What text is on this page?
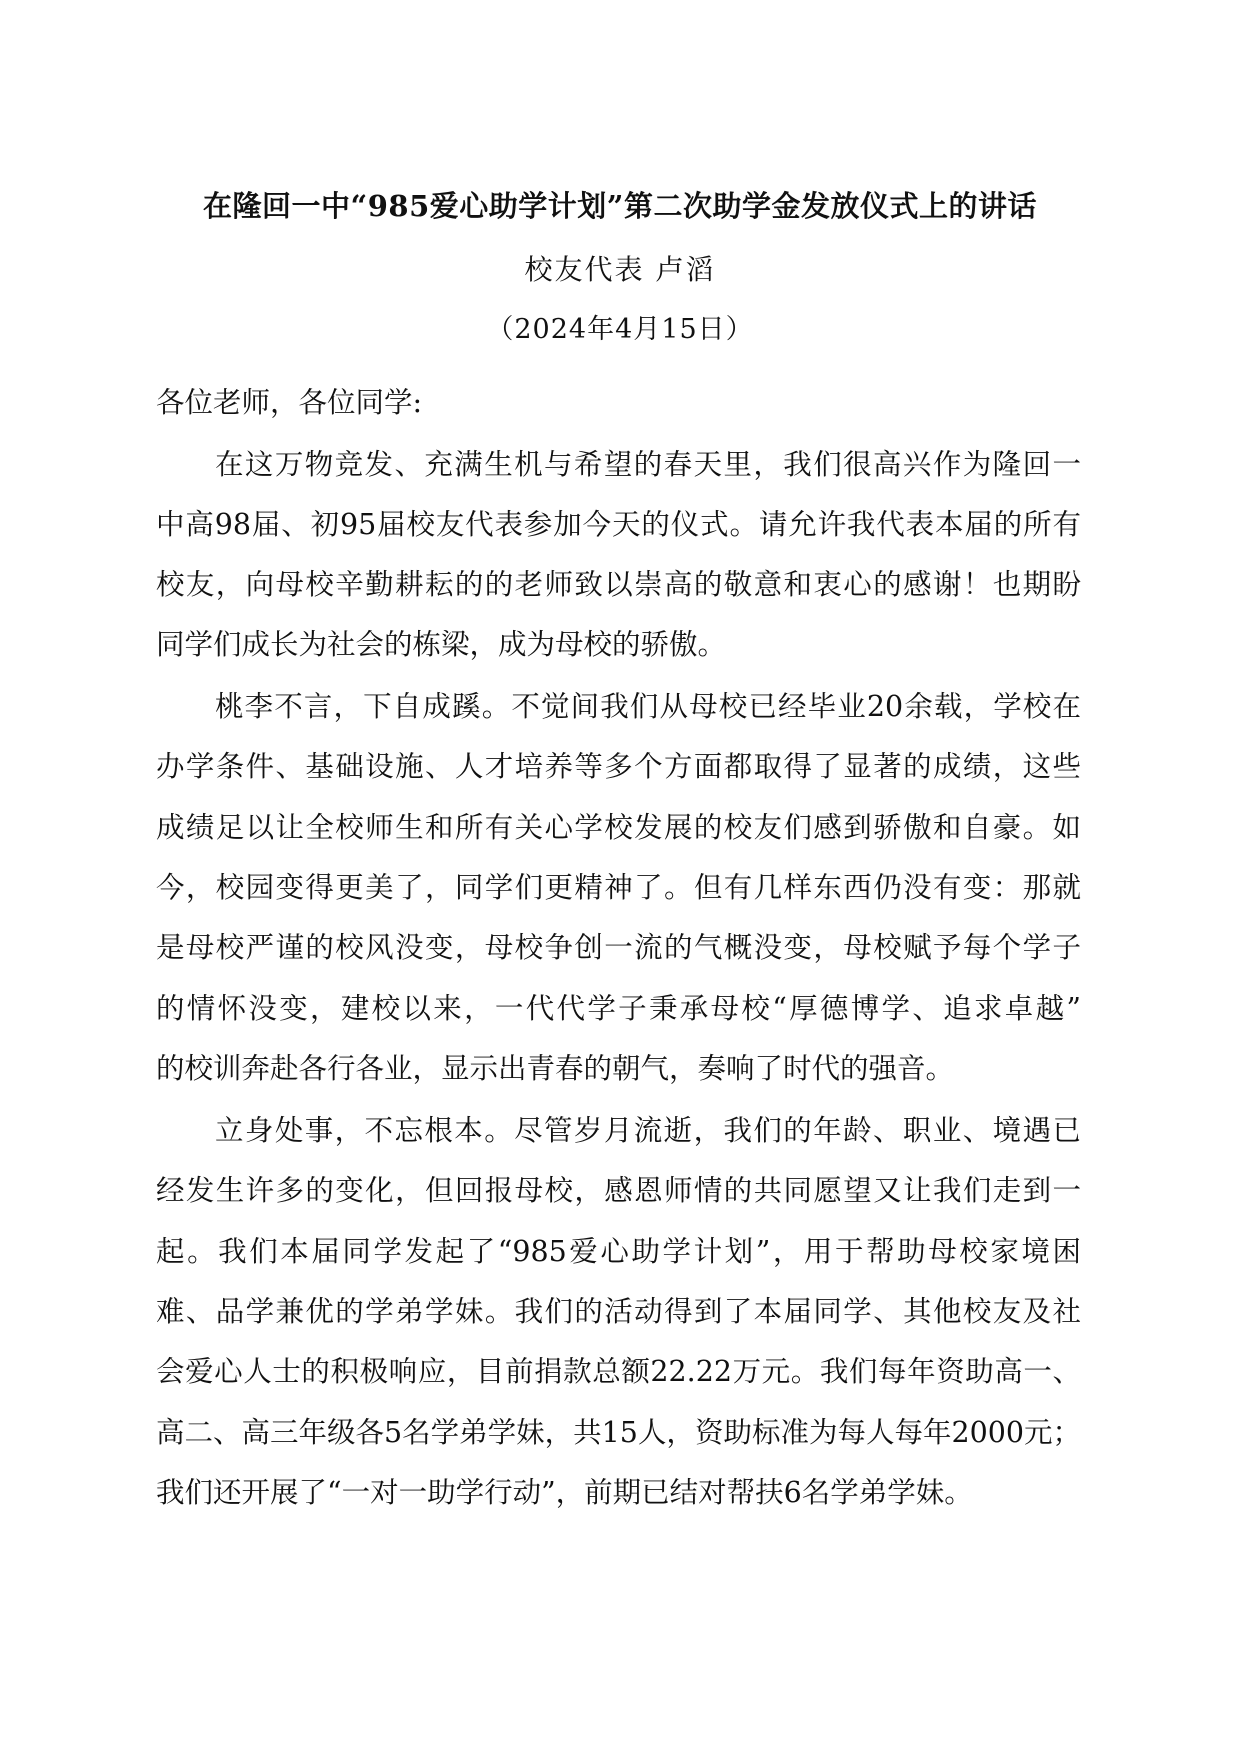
在隆回一中“985爱心助学计划”第二次助学金发放仪式上的讲话
校友代表 卢滔
（2024年4月15日）
各位老师，各位同学:
在这万物竞发、充满生机与希望的春天里，我们很高兴作为隆回一
中高98届、初95届校友代表参加今天的仪式。请允许我代表本届的所有
校友，向母校辛勤耕耘的的老师致以崇高的敬意和衷心的感谢！也期盼
同学们成长为社会的栋梁，成为母校的骄傲。
桃李不言，下自成蹊。不觉间我们从母校已经毕业20余载，学校在
办学条件、基础设施、人才培养等多个方面都取得了显著的成绩，这些
成绩足以让全校师生和所有关心学校发展的校友们感到骄傲和自豪。如
今，校园变得更美了，同学们更精神了。但有几样东西仍没有变：那就
是母校严谨的校风没变，母校争创一流的气概没变，母校赋予每个学子
的情怀没变，建校以来，一代代学子秉承母校“厚德博学、追求卓越”
的校训奔赴各行各业，显示出青春的朝气，奏响了时代的强音。
立身处事，不忘根本。尽管岁月流逝，我们的年龄、职业、境遇已
经发生许多的变化，但回报母校，感恩师情的共同愿望又让我们走到一
起。我们本届同学发起了“985爱心助学计划”，用于帮助母校家境困
难、品学兼优的学弟学妹。我们的活动得到了本届同学、其他校友及社
会爱心人士的积极响应，目前捐款总额22.22万元。我们每年资助高一、
高二、高三年级各5名学弟学妹，共15人，资助标准为每人每年2000元；
我们还开展了“一对一助学行动”，前期已结对帮扶6名学弟学妹。
